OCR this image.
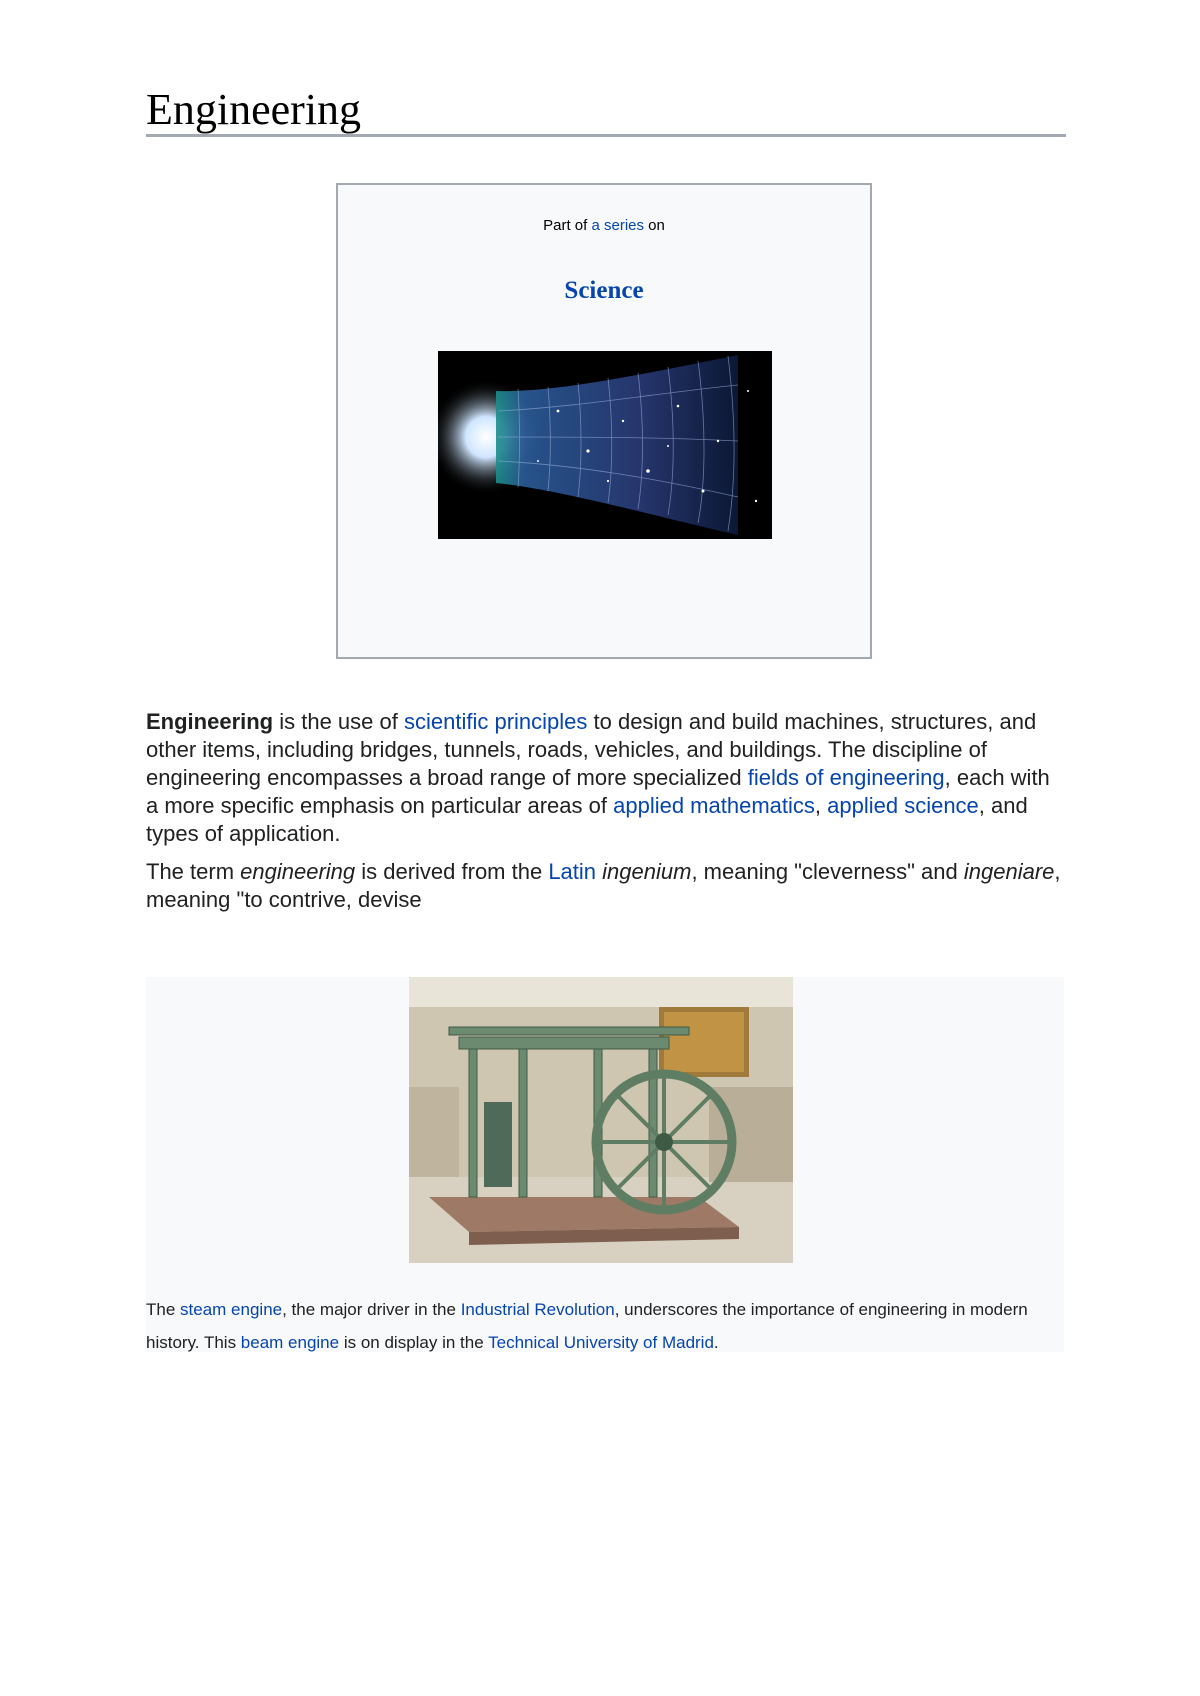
Engineering
Part of a series on
Science

Engineering is the use of scientific principles to design and build machines, structures, and other items, including bridges, tunnels, roads, vehicles, and buildings. The discipline of engineering encompasses a broad range of more specialized fields of engineering, each with a more specific emphasis on particular areas of applied mathematics, applied science, and types of application.

The term engineering is derived from the Latin ingenium, meaning "cleverness" and ingeniare, meaning "to contrive, devise

The steam engine, the major driver in the Industrial Revolution, underscores the importance of engineering in modern history. This beam engine is on display in the Technical University of Madrid.
